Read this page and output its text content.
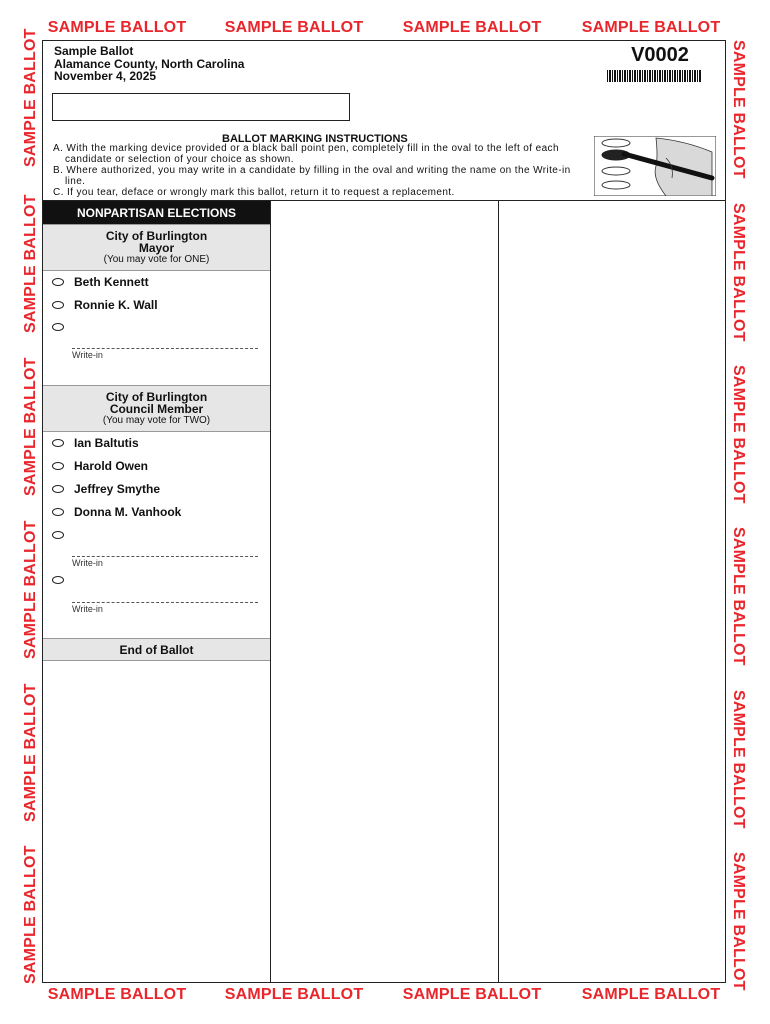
SAMPLE BALLOT	SAMPLE BALLOT	SAMPLE BALLOT	SAMPLE BALLOT
SAMPLE BALLOT	SAMPLE BALLOT	SAMPLE BALLOT	SAMPLE BALLOT
SAMPLE BALLOT
SAMPLE BALLOT
SAMPLE BALLOT
SAMPLE BALLOT
SAMPLE BALLOT
SAMPLE BALLOT
SAMPLE BALLOT
SAMPLE BALLOT
SAMPLE BALLOT
SAMPLE BALLOT
SAMPLE BALLOT
SAMPLE BALLOT
Sample Ballot
Alamance County, North Carolina
November 4, 2025
V0002
BALLOT MARKING INSTRUCTIONS
A. With the marking device provided or a black ball point pen, completely fill in the oval to the left of each candidate or selection of your choice as shown.
B. Where authorized, you may write in a candidate by filling in the oval and writing the name on the Write-in line.
C. If you tear, deface or wrongly mark this ballot, return it to request a replacement.
NONPARTISAN ELECTIONS
City of Burlington
Mayor
(You may vote for ONE)
Beth Kennett
Ronnie K. Wall
Write-in
City of Burlington
Council Member
(You may vote for TWO)
Ian Baltutis
Harold Owen
Jeffrey Smythe
Donna M. Vanhook
Write-in
Write-in
End of Ballot
